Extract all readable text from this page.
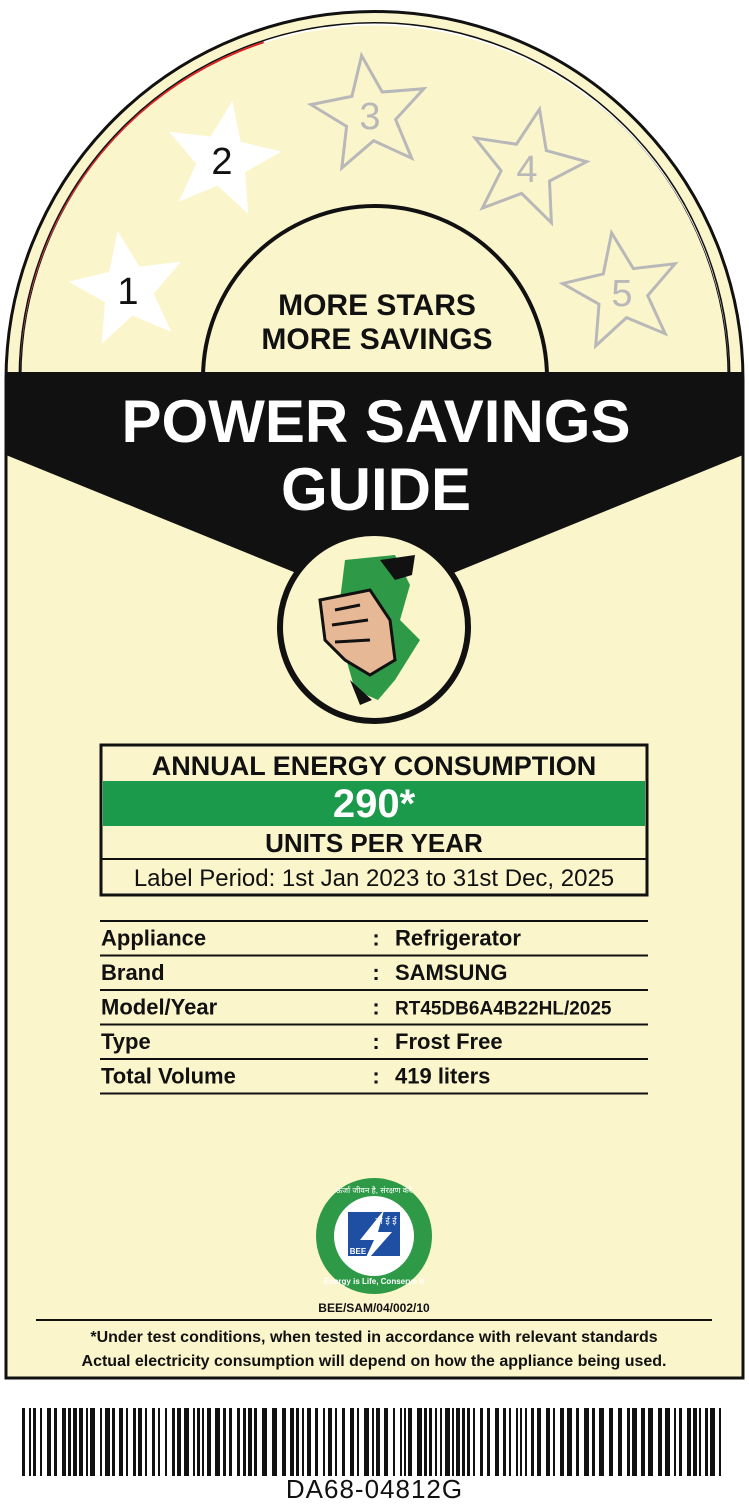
MORE STARS
MORE SAVINGS
1
2
3
4
5
POWER SAVINGS
GUIDE
ANNUAL ENERGY CONSUMPTION
290*
UNITS PER YEAR
Label Period: 1st Jan 2023 to 31st Dec, 2025
Appliance	: Refrigerator
Brand	: SAMSUNG
Model/Year	: RT45DB6A4B22HL/2025
Type	: Frost Free
Total Volume	: 419 liters
बी ई ई
BEE
ऊर्जा जीवन है, संरक्षण करें
Energy is Life, Conserve it
BEE/SAM/04/002/10
*Under test conditions, when tested in accordance with relevant standards
Actual electricity consumption will depend on how the appliance being used.
DA68-04812G
